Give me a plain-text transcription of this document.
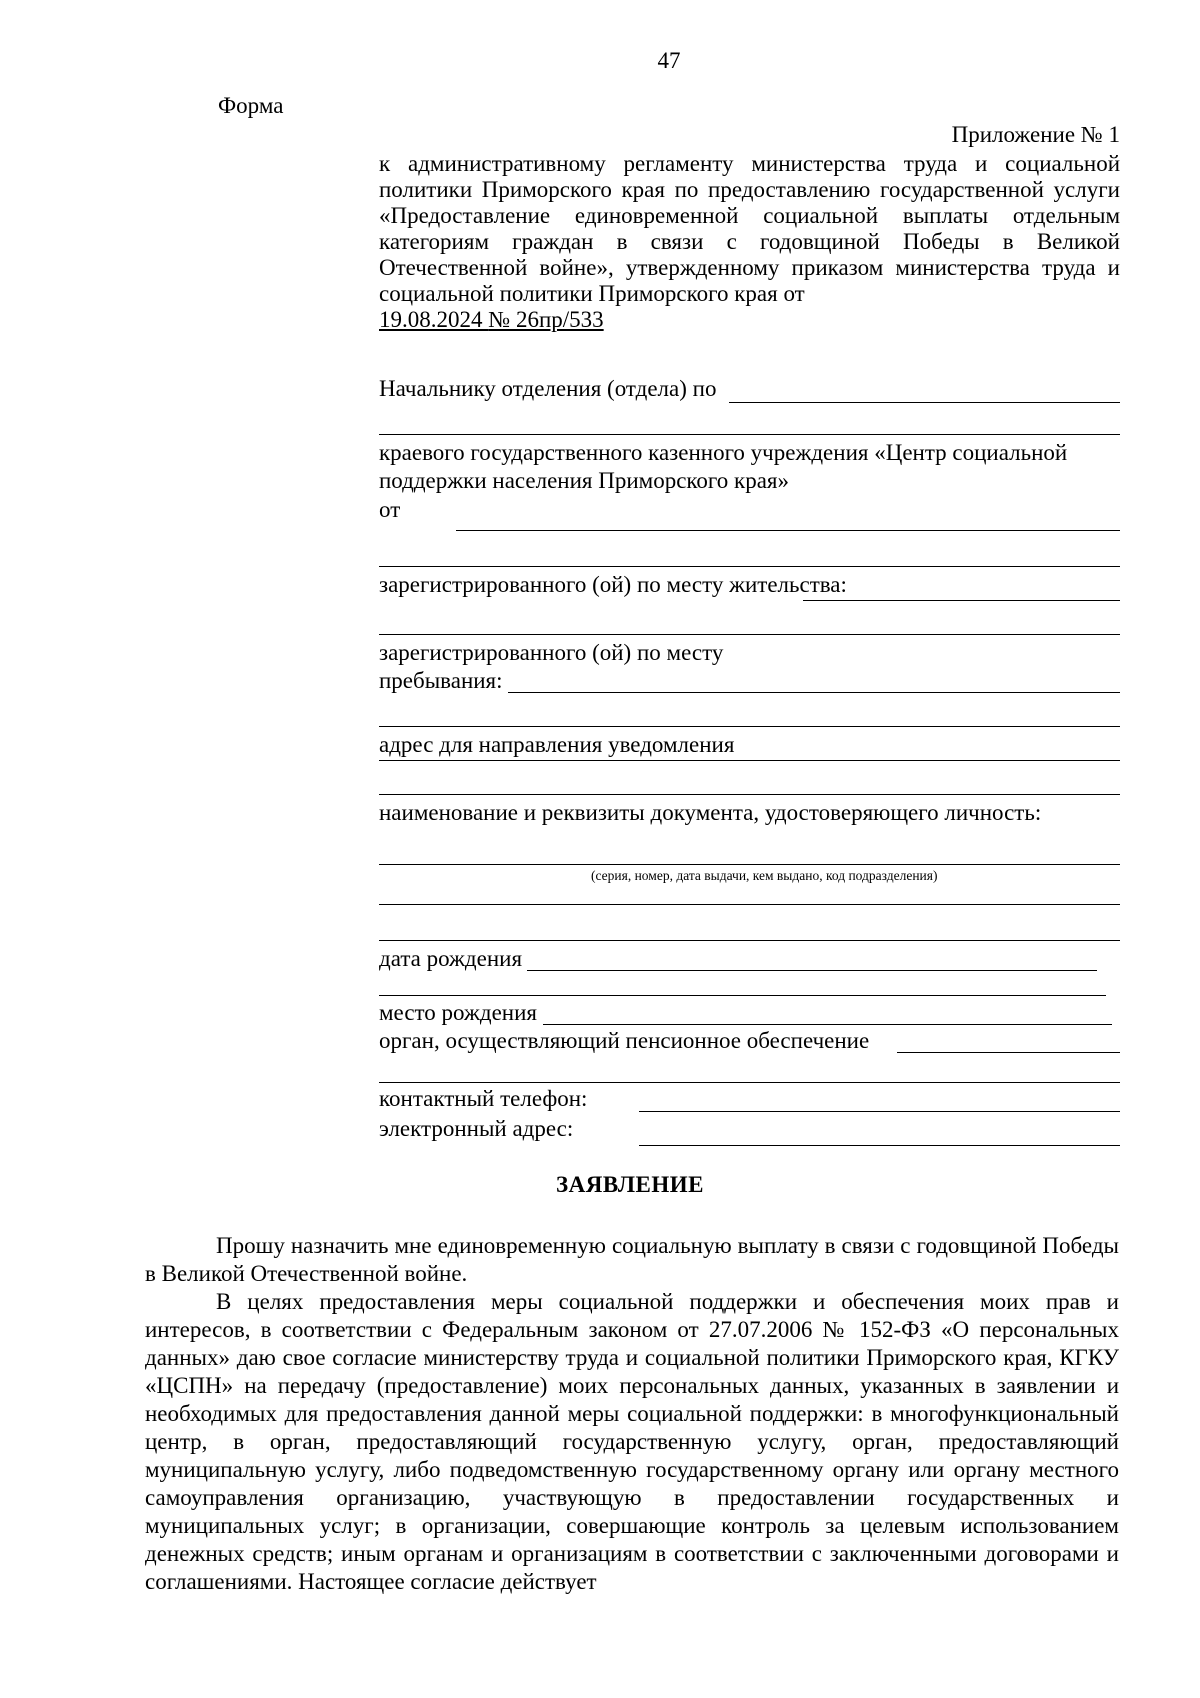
47
Форма
Приложение № 1
к административному регламенту министерства труда и социальной политики Приморского края по предоставлению государственной услуги «Предоставление единовременной социальной выплаты отдельным категориям граждан в связи с годовщиной Победы в Великой Отечественной войне», утвержденному приказом министерства труда и социальной политики Приморского края от
19.08.2024 № 26пр/533
Начальнику отделения (отдела) по
краевого государственного казенного учреждения «Центр социальной
поддержки населения Приморского края»
от
зарегистрированного (ой) по месту жительства:
зарегистрированного (ой) по месту
пребывания:
адрес для направления уведомления
наименование и реквизиты документа, удостоверяющего личность:
(серия, номер, дата выдачи, кем выдано, код подразделения)
дата рождения
место рождения
орган, осуществляющий пенсионное обеспечение
контактный телефон:
электронный адрес:
ЗАЯВЛЕНИЕ

Прошу назначить мне единовременную социальную выплату в связи с годовщиной Победы в Великой Отечественной войне.

В целях предоставления меры социальной поддержки и обеспечения моих прав и интересов, в соответствии с Федеральным законом от 27.07.2006 № 152-ФЗ «О персональных данных» даю свое согласие министерству труда и социальной политики Приморского края, КГКУ «ЦСПН» на передачу (предоставление) моих персональных данных, указанных в заявлении и необходимых для предоставления данной меры социальной поддержки: в многофункциональный центр, в орган, предоставляющий государственную услугу, орган, предоставляющий муниципальную услугу, либо подведомственную государственному органу или органу местного самоуправления организацию, участвующую в предоставлении государственных и муниципальных услуг; в организации, совершающие контроль за целевым использованием денежных средств; иным органам и организациям в соответствии с заключенными договорами и соглашениями. Настоящее согласие действует
